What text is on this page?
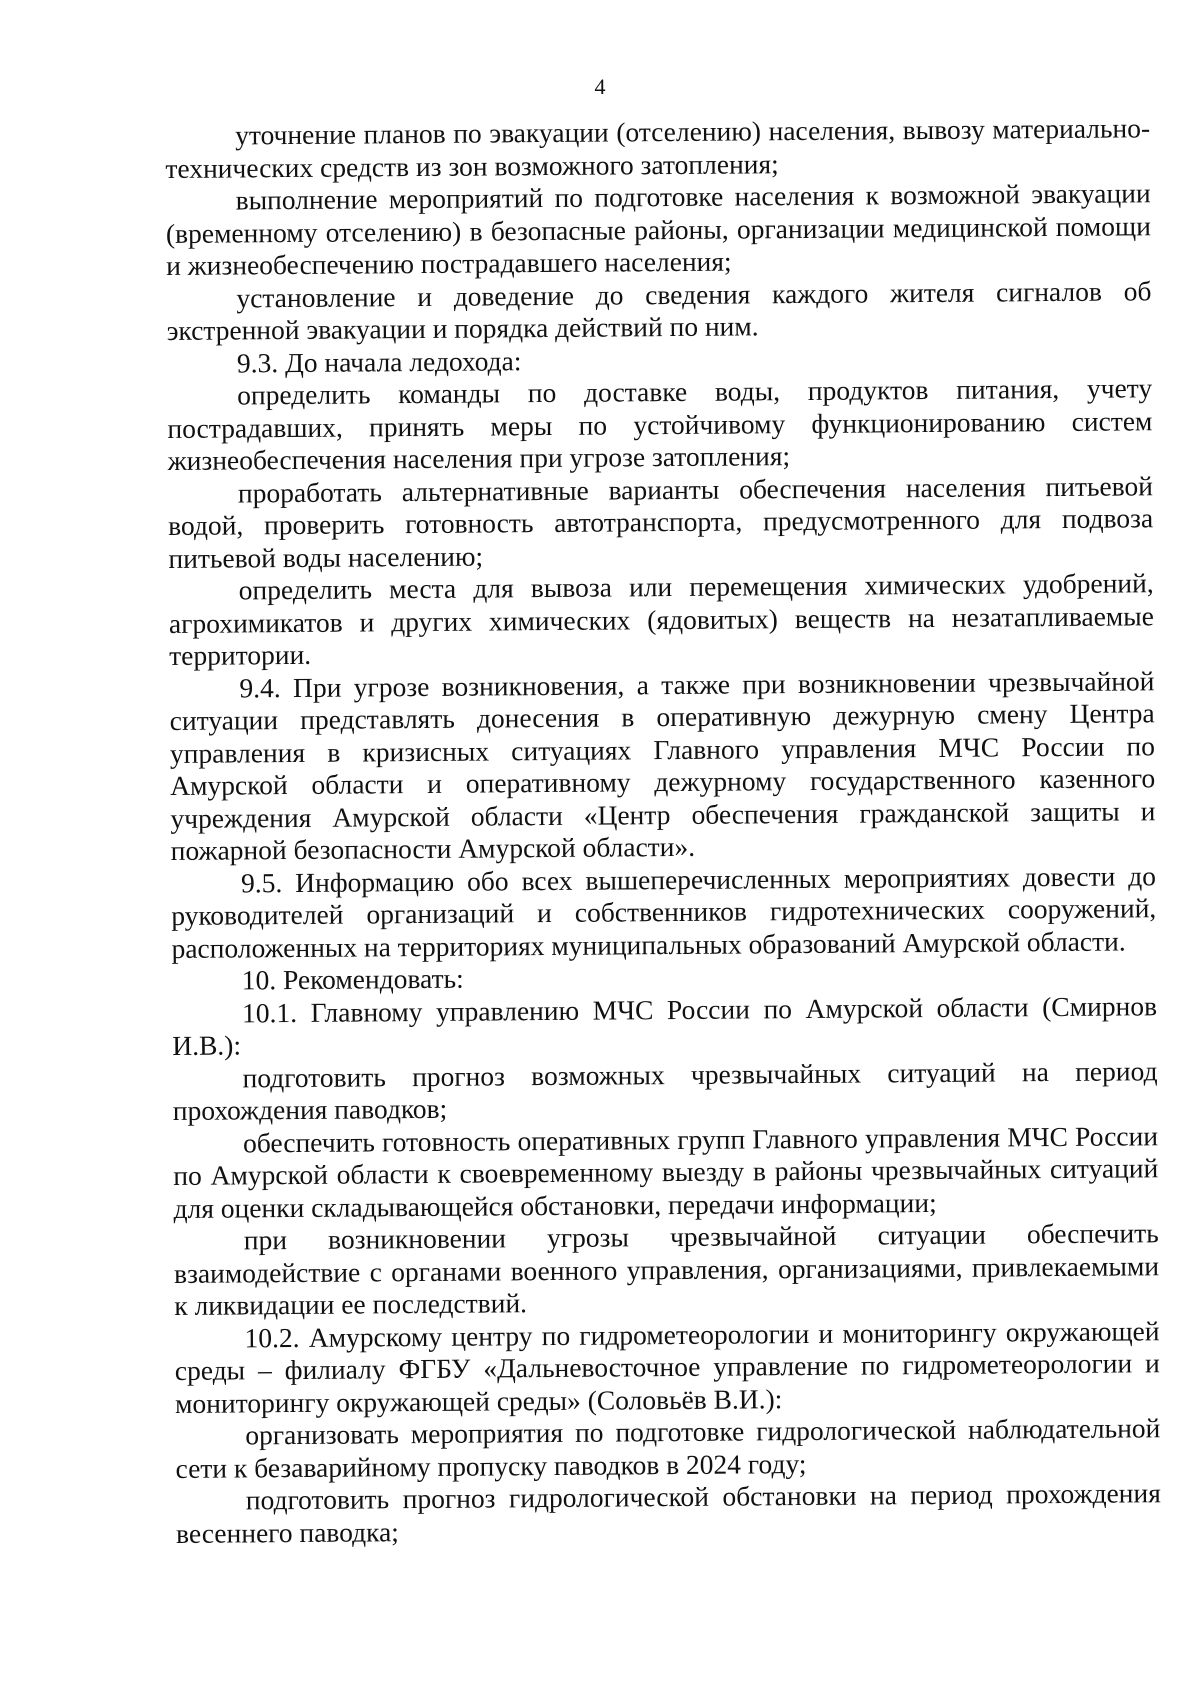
4

уточнение планов по эвакуации (отселению) населения, вывозу материально-технических средств из зон возможного затопления;

выполнение мероприятий по подготовке населения к возможной эвакуации (временному отселению) в безопасные районы, организации медицинской помощи и жизнеобеспечению пострадавшего населения;

установление и доведение до сведения каждого жителя сигналов об экстренной эвакуации и порядка действий по ним.

9.3. До начала ледохода:

определить команды по доставке воды, продуктов питания, учету пострадавших, принять меры по устойчивому функционированию систем жизнеобеспечения населения при угрозе затопления;

проработать альтернативные варианты обеспечения населения питьевой водой, проверить готовность автотранспорта, предусмотренного для подвоза питьевой воды населению;

определить места для вывоза или перемещения химических удобрений, агрохимикатов и других химических (ядовитых) веществ на незатапливаемые территории.

9.4. При угрозе возникновения, а также при возникновении чрезвычайной ситуации представлять донесения в оперативную дежурную смену Центра управления в кризисных ситуациях Главного управления МЧС России по Амурской области и оперативному дежурному государственного казенного учреждения Амурской области «Центр обеспечения гражданской защиты и пожарной безопасности Амурской области».

9.5. Информацию обо всех вышеперечисленных мероприятиях довести до руководителей организаций и собственников гидротехнических сооружений, расположенных на территориях муниципальных образований Амурской области.

10. Рекомендовать:

10.1. Главному управлению МЧС России по Амурской области (Смирнов И.В.):

подготовить прогноз возможных чрезвычайных ситуаций на период прохождения паводков;

обеспечить готовность оперативных групп Главного управления МЧС России по Амурской области к своевременному выезду в районы чрезвычайных ситуаций для оценки складывающейся обстановки, передачи информации;

при возникновении угрозы чрезвычайной ситуации обеспечить взаимодействие с органами военного управления, организациями, привлекаемыми к ликвидации ее последствий.

10.2. Амурскому центру по гидрометеорологии и мониторингу окружающей среды – филиалу ФГБУ «Дальневосточное управление по гидрометеорологии и мониторингу окружающей среды» (Соловьёв В.И.):

организовать мероприятия по подготовке гидрологической наблюдательной сети к безаварийному пропуску паводков в 2024 году;

подготовить прогноз гидрологической обстановки на период прохождения весеннего паводка;
